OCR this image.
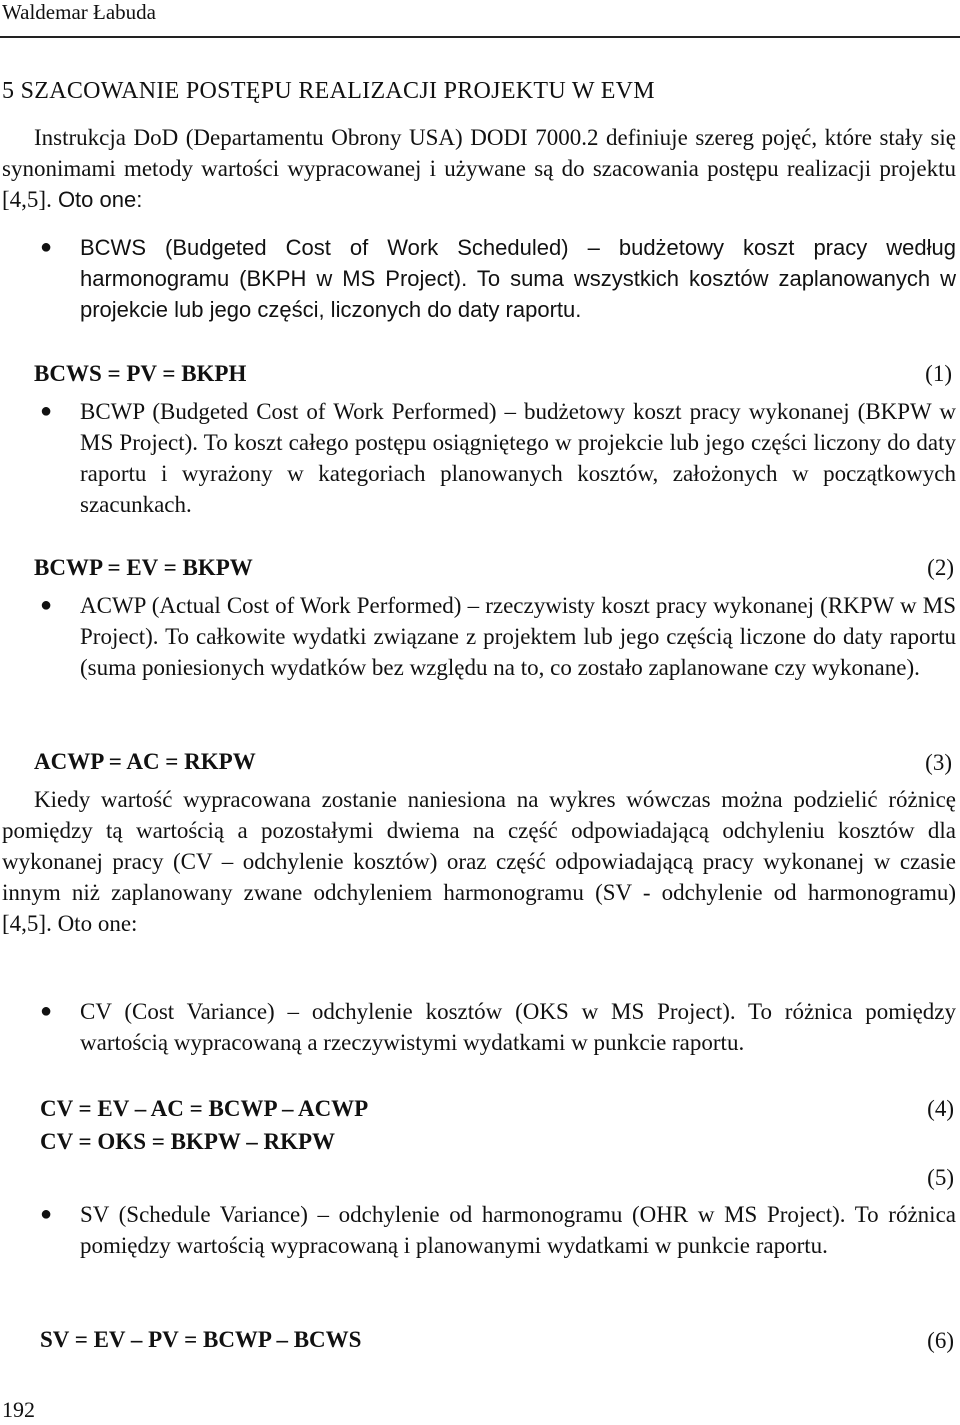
Waldemar Łabuda
5 SZACOWANIE POSTĘPU REALIZACJI PROJEKTU W EVM
Instrukcja DoD (Departamentu Obrony USA) DODI 7000.2 definiuje szereg pojęć, które stały się synonimami metody wartości wypracowanej i używane są do szacowania postępu realizacji projektu [4,5]. Oto one:
● BCWS (Budgeted Cost of Work Scheduled) – budżetowy koszt pracy według harmonogramu (BKPH w MS Project). To suma wszystkich kosztów zaplanowanych w projekcie lub jego części, liczonych do daty raportu.
BCWS = PV = BKPH	(1)
● BCWP (Budgeted Cost of Work Performed) – budżetowy koszt pracy wykonanej (BKPW w MS Project). To koszt całego postępu osiągniętego w projekcie lub jego części liczony do daty raportu i wyrażony w kategoriach planowanych kosztów, założonych w początkowych szacunkach.
BCWP = EV = BKPW	(2)
● ACWP (Actual Cost of Work Performed) – rzeczywisty koszt pracy wykonanej (RKPW w MS Project). To całkowite wydatki związane z projektem lub jego częścią liczone do daty raportu (suma poniesionych wydatków bez względu na to, co zostało zaplanowane czy wykonane).
ACWP = AC = RKPW	(3)
Kiedy wartość wypracowana zostanie naniesiona na wykres wówczas można podzielić różnicę pomiędzy tą wartością a pozostałymi dwiema na część odpowiadającą odchyleniu kosztów dla wykonanej pracy (CV – odchylenie kosztów) oraz część odpowiadającą pracy wykonanej w czasie innym niż zaplanowany zwane odchyleniem harmonogramu (SV - odchylenie od harmonogramu) [4,5]. Oto one:
● CV (Cost Variance) – odchylenie kosztów (OKS w MS Project). To różnica pomiędzy wartością wypracowaną a rzeczywistymi wydatkami w punkcie raportu.
CV = EV – AC = BCWP – ACWP	(4)
CV = OKS = BKPW – RKPW
(5)
● SV (Schedule Variance) – odchylenie od harmonogramu (OHR w MS Project). To różnica pomiędzy wartością wypracowaną i planowanymi wydatkami w punkcie raportu.
SV = EV – PV = BCWP – BCWS	(6)
192
